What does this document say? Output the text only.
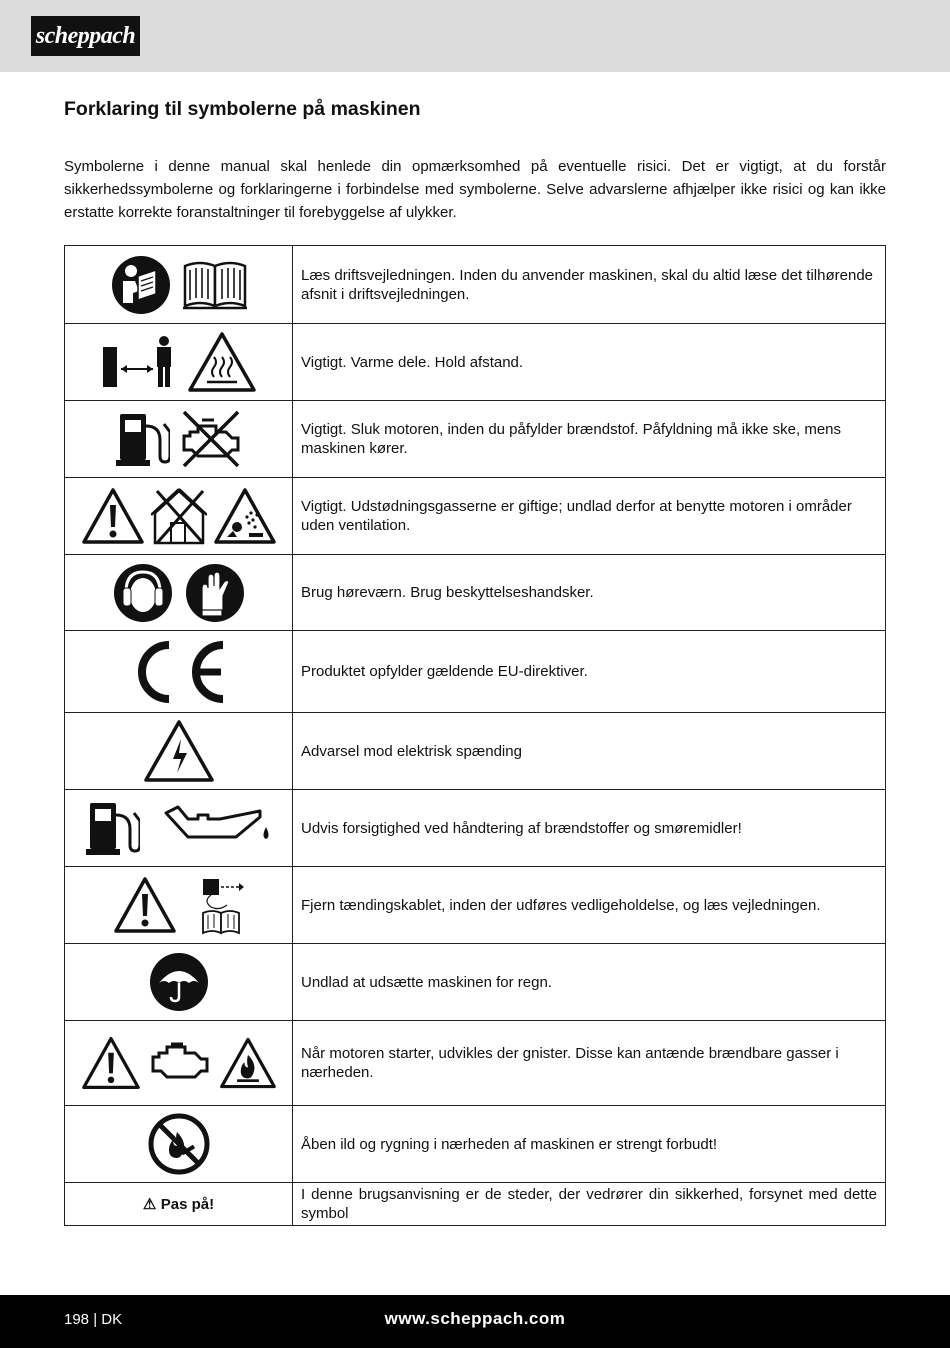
scheppach
Forklaring til symbolerne på maskinen

Symbolerne i denne manual skal henlede din opmærksomhed på eventuelle risici. Det er vigtigt, at du forstår sikkerhedssymbolerne og forklaringerne i forbindelse med symbolerne. Selve advarslerne afhjælper ikke risici og kan ikke erstatte korrekte foranstaltninger til forebyggelse af ulykker.

	Læs driftsvejledningen. Inden du anvender maskinen, skal du altid læse det tilhørende afsnit i driftsvejledningen.

	Vigtigt. Varme dele. Hold afstand.

	Vigtigt. Sluk motoren, inden du påfylder brændstof. Påfyldning må ikke ske, mens maskinen kører.

	Vigtigt. Udstødningsgasserne er giftige; undlad derfor at benytte motoren i områder uden ventilation.

	Brug høreværn. Brug beskyttelseshandsker.

	Produktet opfylder gældende EU-direktiver.

	Advarsel mod elektrisk spænding

	Udvis forsigtighed ved håndtering af brændstoffer og smøremidler!

	Fjern tændingskablet, inden der udføres vedligeholdelse, og læs vejledningen.

	Undlad at udsætte maskinen for regn.

	Når motoren starter, udvikles der gnister. Disse kan antænde brændbare gasser i nærheden.

	Åben ild og rygning i nærheden af maskinen er strengt forbudt!
⚠ Pas på!	I denne brugsanvisning er de steder, der vedrører din sikkerhed, forsynet med dette symbol
198 | DK	www.scheppach.com
